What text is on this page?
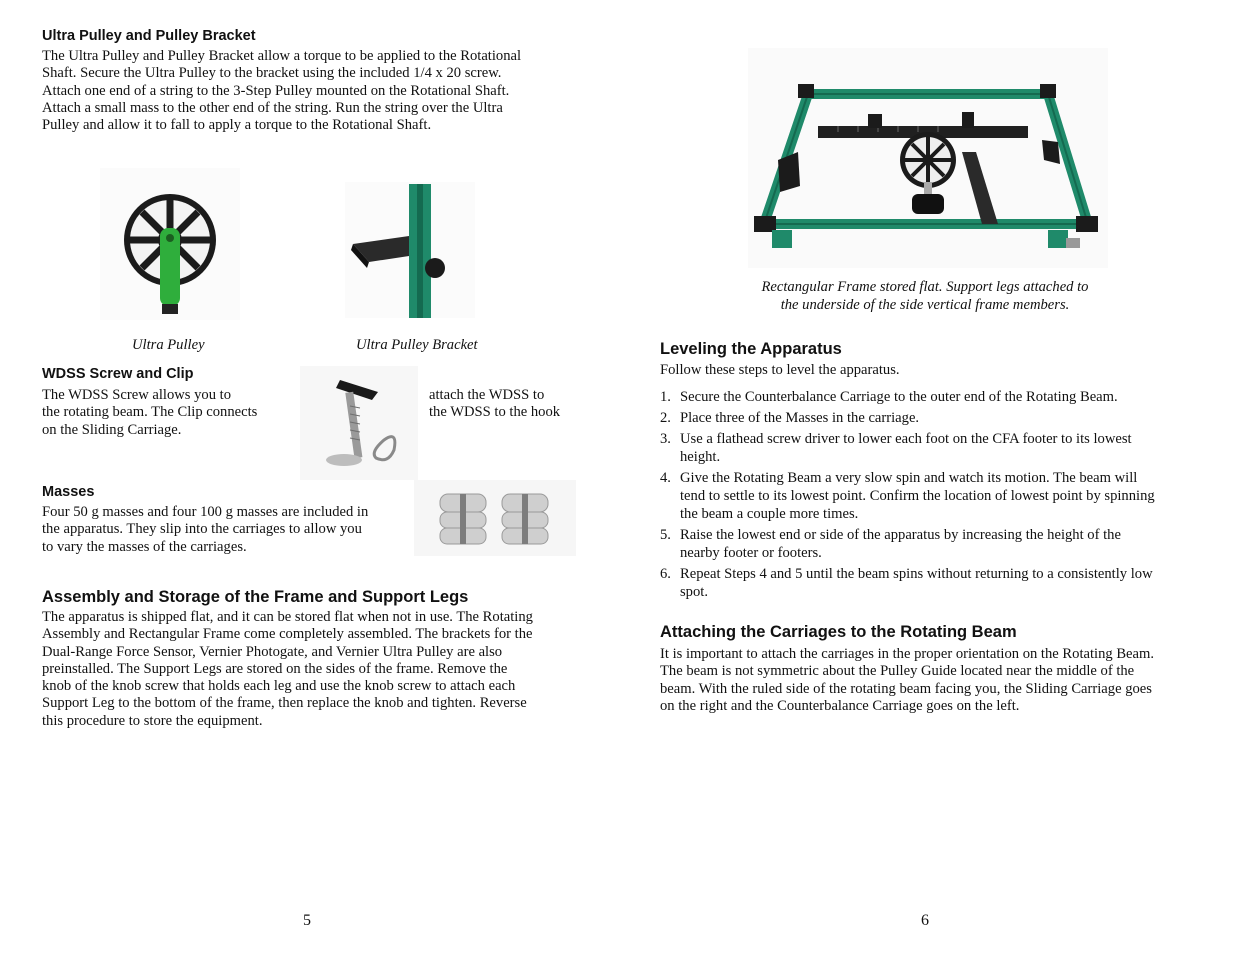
Ultra Pulley and Pulley Bracket
The Ultra Pulley and Pulley Bracket allow a torque to be applied to the Rotational
Shaft. Secure the Ultra Pulley to the bracket using the included 1/4 x 20 screw.
Attach one end of a string to the 3-Step Pulley mounted on the Rotational Shaft.
Attach a small mass to the other end of the string. Run the string over the Ultra
Pulley and allow it to fall to apply a torque to the Rotational Shaft.
Ultra Pulley	Ultra Pulley Bracket
WDSS Screw and Clip
The WDSS Screw allows you to
the rotating beam. The Clip connects
on the Sliding Carriage.
attach the WDSS to
the WDSS to the hook
Masses
Four 50 g masses and four 100 g masses are included in
the apparatus. They slip into the carriages to allow you
to vary the masses of the carriages.
Assembly and Storage of the Frame and Support Legs
The apparatus is shipped flat, and it can be stored flat when not in use. The Rotating
Assembly and Rectangular Frame come completely assembled. The brackets for the
Dual-Range Force Sensor, Vernier Photogate, and Vernier Ultra Pulley are also
preinstalled. The Support Legs are stored on the sides of the frame. Remove the
knob of the knob screw that holds each leg and use the knob screw to attach each
Support Leg to the bottom of the frame, then replace the knob and tighten. Reverse
this procedure to store the equipment.
5
Rectangular Frame stored flat. Support legs attached to
the underside of the side vertical frame members.
Leveling the Apparatus
Follow these steps to level the apparatus.
1. Secure the Counterbalance Carriage to the outer end of the Rotating Beam.
2. Place three of the Masses in the carriage.
3. Use a flathead screw driver to lower each foot on the CFA footer to its lowest
height.
4. Give the Rotating Beam a very slow spin and watch its motion. The beam will
tend to settle to its lowest point. Confirm the location of lowest point by spinning
the beam a couple more times.
5. Raise the lowest end or side of the apparatus by increasing the height of the
nearby footer or footers.
6. Repeat Steps 4 and 5 until the beam spins without returning to a consistently low
spot.
Attaching the Carriages to the Rotating Beam
It is important to attach the carriages in the proper orientation on the Rotating Beam.
The beam is not symmetric about the Pulley Guide located near the middle of the
beam. With the ruled side of the rotating beam facing you, the Sliding Carriage goes
on the right and the Counterbalance Carriage goes on the left.
6
